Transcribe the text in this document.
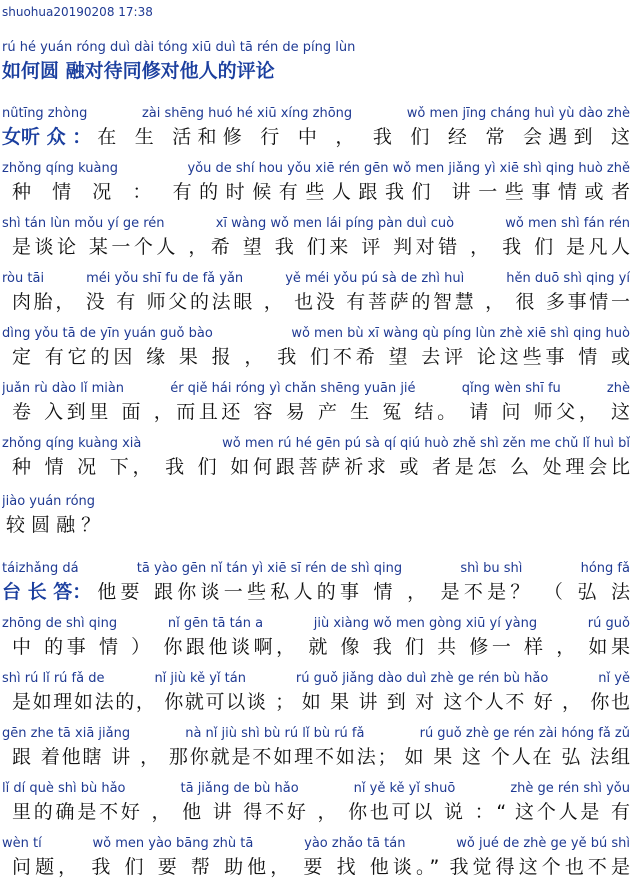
shuohua20190208 17:38
rú hé yuán róng duì dài tóng xiū duì tā rén de píng lùn
如何圆 融对待同修对他人的评论
nǚtīng zhòng	zài shēng huó hé xiū xíng zhōng	wǒ men jīng cháng huì yù dào zhè
女听 众 ： 在 生 活和修 行 中 ， 我 们 经 常 会遇到 这
zhǒng qíng kuàng	yǒu de shí hou yǒu xiē rén gēn wǒ men jiǎng yì xiē shì qing huò zhě
种 情 况 ： 有的时候有些人跟我们 讲一些事情或者
shì tán lùn mǒu yí ge rén	xī wàng wǒ men lái píng pàn duì cuò	wǒ men shì fán rén
是谈论 某一个人 ，希 望 我 们来 评 判对错 ， 我 们 是凡人
ròu tāi	méi yǒu shī fu de fǎ yǎn	yě méi yǒu pú sà de zhì huì	hěn duō shì qing yí
肉胎， 没 有 师父的法眼 ， 也没 有菩萨的智慧 ， 很 多事情一
dìng yǒu tā de yīn yuán guǒ bào	wǒ men bù xī wàng qù píng lùn zhè xiē shì qing huò
定 有它的因 缘 果 报 ， 我 们不希 望 去评 论这些事 情 或
juǎn rù dào lǐ miàn	ér qiě hái róng yì chǎn shēng yuān jié	qǐng wèn shī fu	zhè
卷 入到里 面 ，而且还 容 易 产 生 冤 结。 请 问 师父， 这
zhǒng qíng kuàng xià	wǒ men rú hé gēn pú sà qí qiú huò zhě shì zěn me chǔ lǐ huì bǐ
种 情 况 下， 我 们 如何跟菩萨祈求 或 者是怎 么 处理会比
jiào yuán róng
较 圆 融 ？
táizhǎng dá	tā yào gēn nǐ tán yì xiē sī rén de shì qing	shì bu shì	hóng fǎ
台 长 答： 他要 跟你谈一些私人的事 情 ， 是不是？ （ 弘 法
zhōng de shì qing	nǐ gēn tā tán a	jiù xiàng wǒ men gòng xiū yí yàng	rú guǒ
中 的事 情 ） 你跟他谈啊， 就 像 我 们 共 修一 样 ， 如果
shì rú lǐ rú fǎ de	nǐ jiù kě yǐ tán	rú guǒ jiǎng dào duì zhè ge rén bù hǎo	nǐ yě
是如理如法的， 你就可以谈 ； 如 果 讲 到 对 这个人不 好 ， 你也
gēn zhe tā xiā jiǎng	nà nǐ jiù shì bù rú lǐ bù rú fǎ	rú guǒ zhè ge rén zài hóng fǎ zǔ
跟 着他瞎 讲 ， 那你就是不如理不如法； 如 果 这 个人在 弘 法组
lǐ dí què shì bù hǎo	tā jiǎng de bù hǎo	nǐ yě kě yǐ shuō	zhè ge rén shì yǒu
里的确是不好 ， 他 讲 得不好 ， 你也可以 说 ：“ 这个人是 有
wèn tí	wǒ men yào bāng zhù tā	yào zhǎo tā tán	wǒ jué de zhè ge yě bú shì
问题， 我 们 要 帮 助他， 要 找 他谈。” 我觉得这个也不是
